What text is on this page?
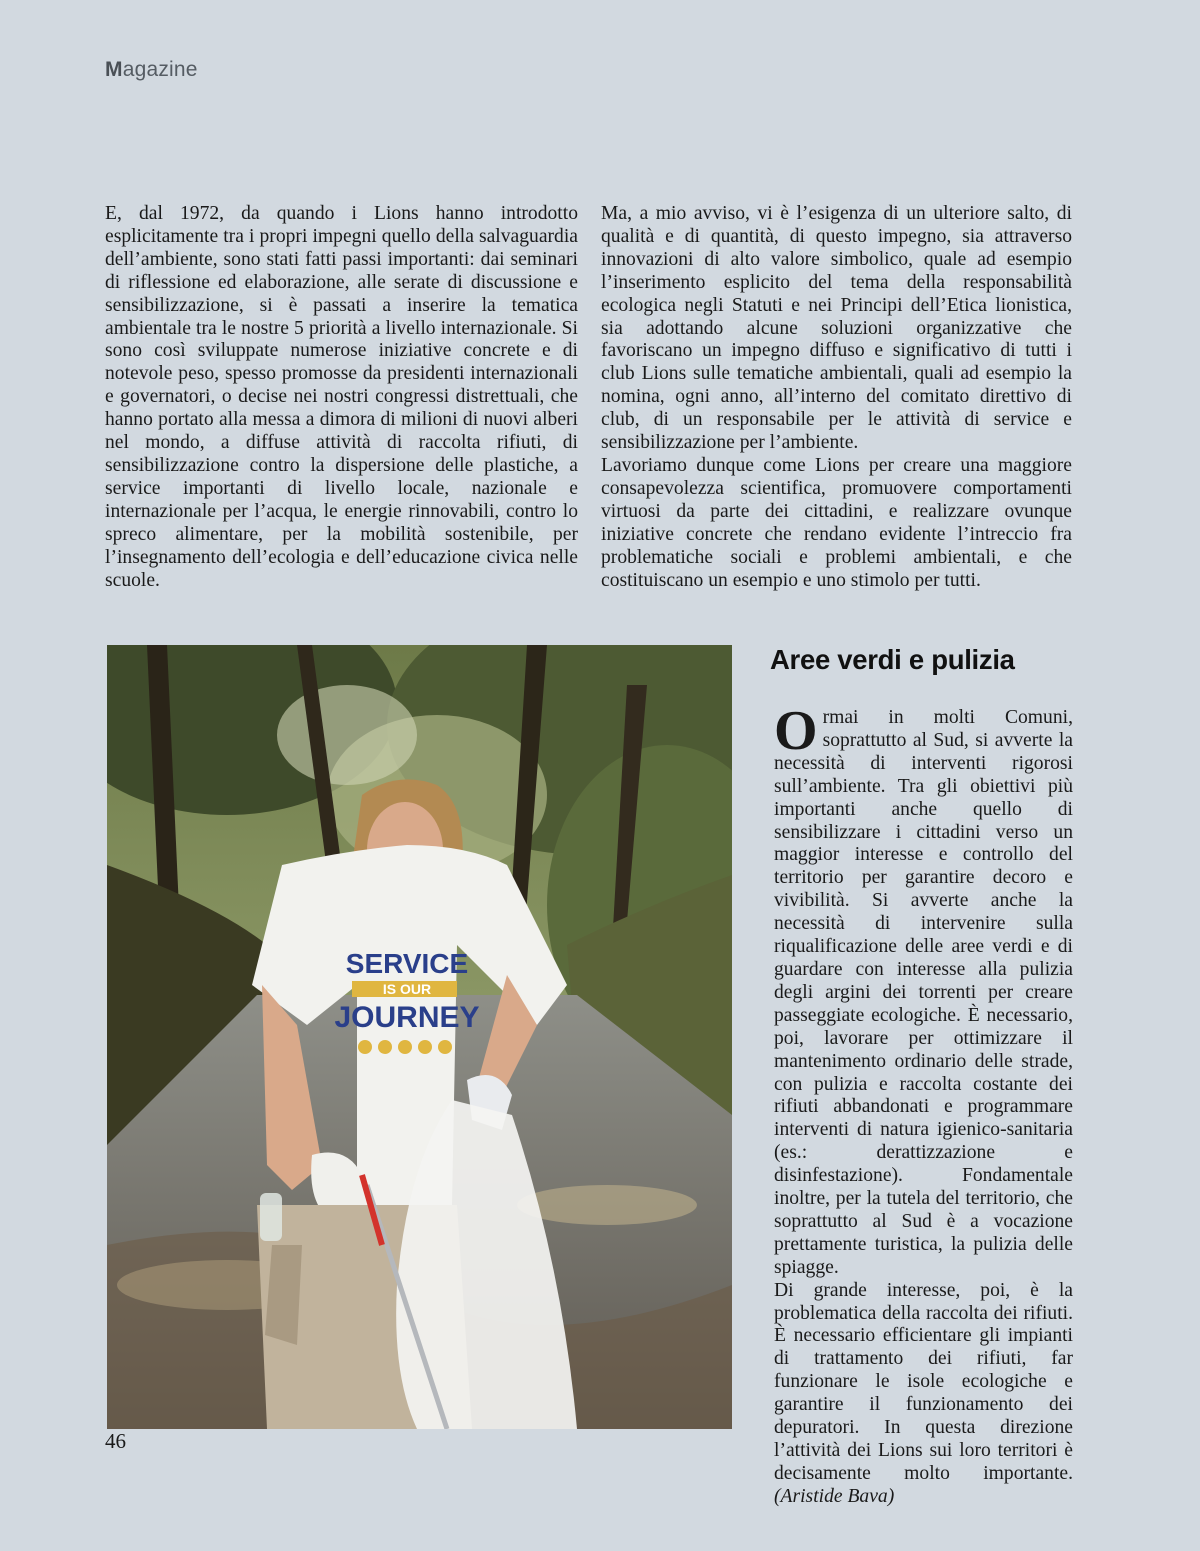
Magazine

E, dal 1972, da quando i Lions hanno introdotto esplicitamente tra i propri impegni quello della salvaguardia dell’ambiente, sono stati fatti passi importanti: dai seminari di riflessione ed elaborazione, alle serate di discussione e sensibilizzazione, si è passati a inserire la tematica ambientale tra le nostre 5 priorità a livello internazionale. Si sono così sviluppate numerose iniziative concrete e di notevole peso, spesso promosse da presidenti internazionali e governatori, o decise nei nostri congressi distrettuali, che hanno portato alla messa a dimora di milioni di nuovi alberi nel mondo, a diffuse attività di raccolta rifiuti, di sensibilizzazione contro la dispersione delle plastiche, a service importanti di livello locale, nazionale e internazionale per l’acqua, le energie rinnovabili, contro lo spreco alimentare, per la mobilità sostenibile, per l’insegnamento dell’ecologia e dell’educazione civica nelle scuole.

Ma, a mio avviso, vi è l’esigenza di un ulteriore salto, di qualità e di quantità, di questo impegno, sia attraverso innovazioni di alto valore simbolico, quale ad esempio l’inserimento esplicito del tema della responsabilità ecologica negli Statuti e nei Principi dell’Etica lionistica, sia adottando alcune soluzioni organizzative che favoriscano un impegno diffuso e significativo di tutti i club Lions sulle tematiche ambientali, quali ad esempio la nomina, ogni anno, all’interno del comitato direttivo di club, di un responsabile per le attività di service e sensibilizzazione per l’ambiente.

Lavoriamo dunque come Lions per creare una maggiore consapevolezza scientifica, promuovere comportamenti virtuosi da parte dei cittadini, e realizzare ovunque iniziative concrete che rendano evidente l’intreccio fra problematiche sociali e problemi ambientali, e che costituiscano un esempio e uno stimolo per tutti.

SERVICE
IS OUR
JOURNEY
Aree verdi e pulizia

Ormai in molti Comuni, soprattutto al Sud, si avverte la necessità di interventi rigorosi sull’ambiente. Tra gli obiettivi più importanti anche quello di sensibilizzare i cittadini verso un maggior interesse e controllo del territorio per garantire decoro e vivibilità. Si avverte anche la necessità di intervenire sulla riqualificazione delle aree verdi e di guardare con interesse alla pulizia degli argini dei torrenti per creare passeggiate ecologiche. È necessario, poi, lavorare per ottimizzare il mantenimento ordinario delle strade, con pulizia e raccolta costante dei rifiuti abbandonati e programmare interventi di natura igienico-sanitaria (es.: derattizzazione e disinfestazione). Fondamentale inoltre, per la tutela del territorio, che soprattutto al Sud è a vocazione prettamente turistica, la pulizia delle spiagge.

Di grande interesse, poi, è la problematica della raccolta dei rifiuti. È necessario efficientare gli impianti di trattamento dei rifiuti, far funzionare le isole ecologiche e garantire il funzionamento dei depuratori. In questa direzione l’attività dei Lions sui loro territori è decisamente molto importante. (Aristide Bava)

46
